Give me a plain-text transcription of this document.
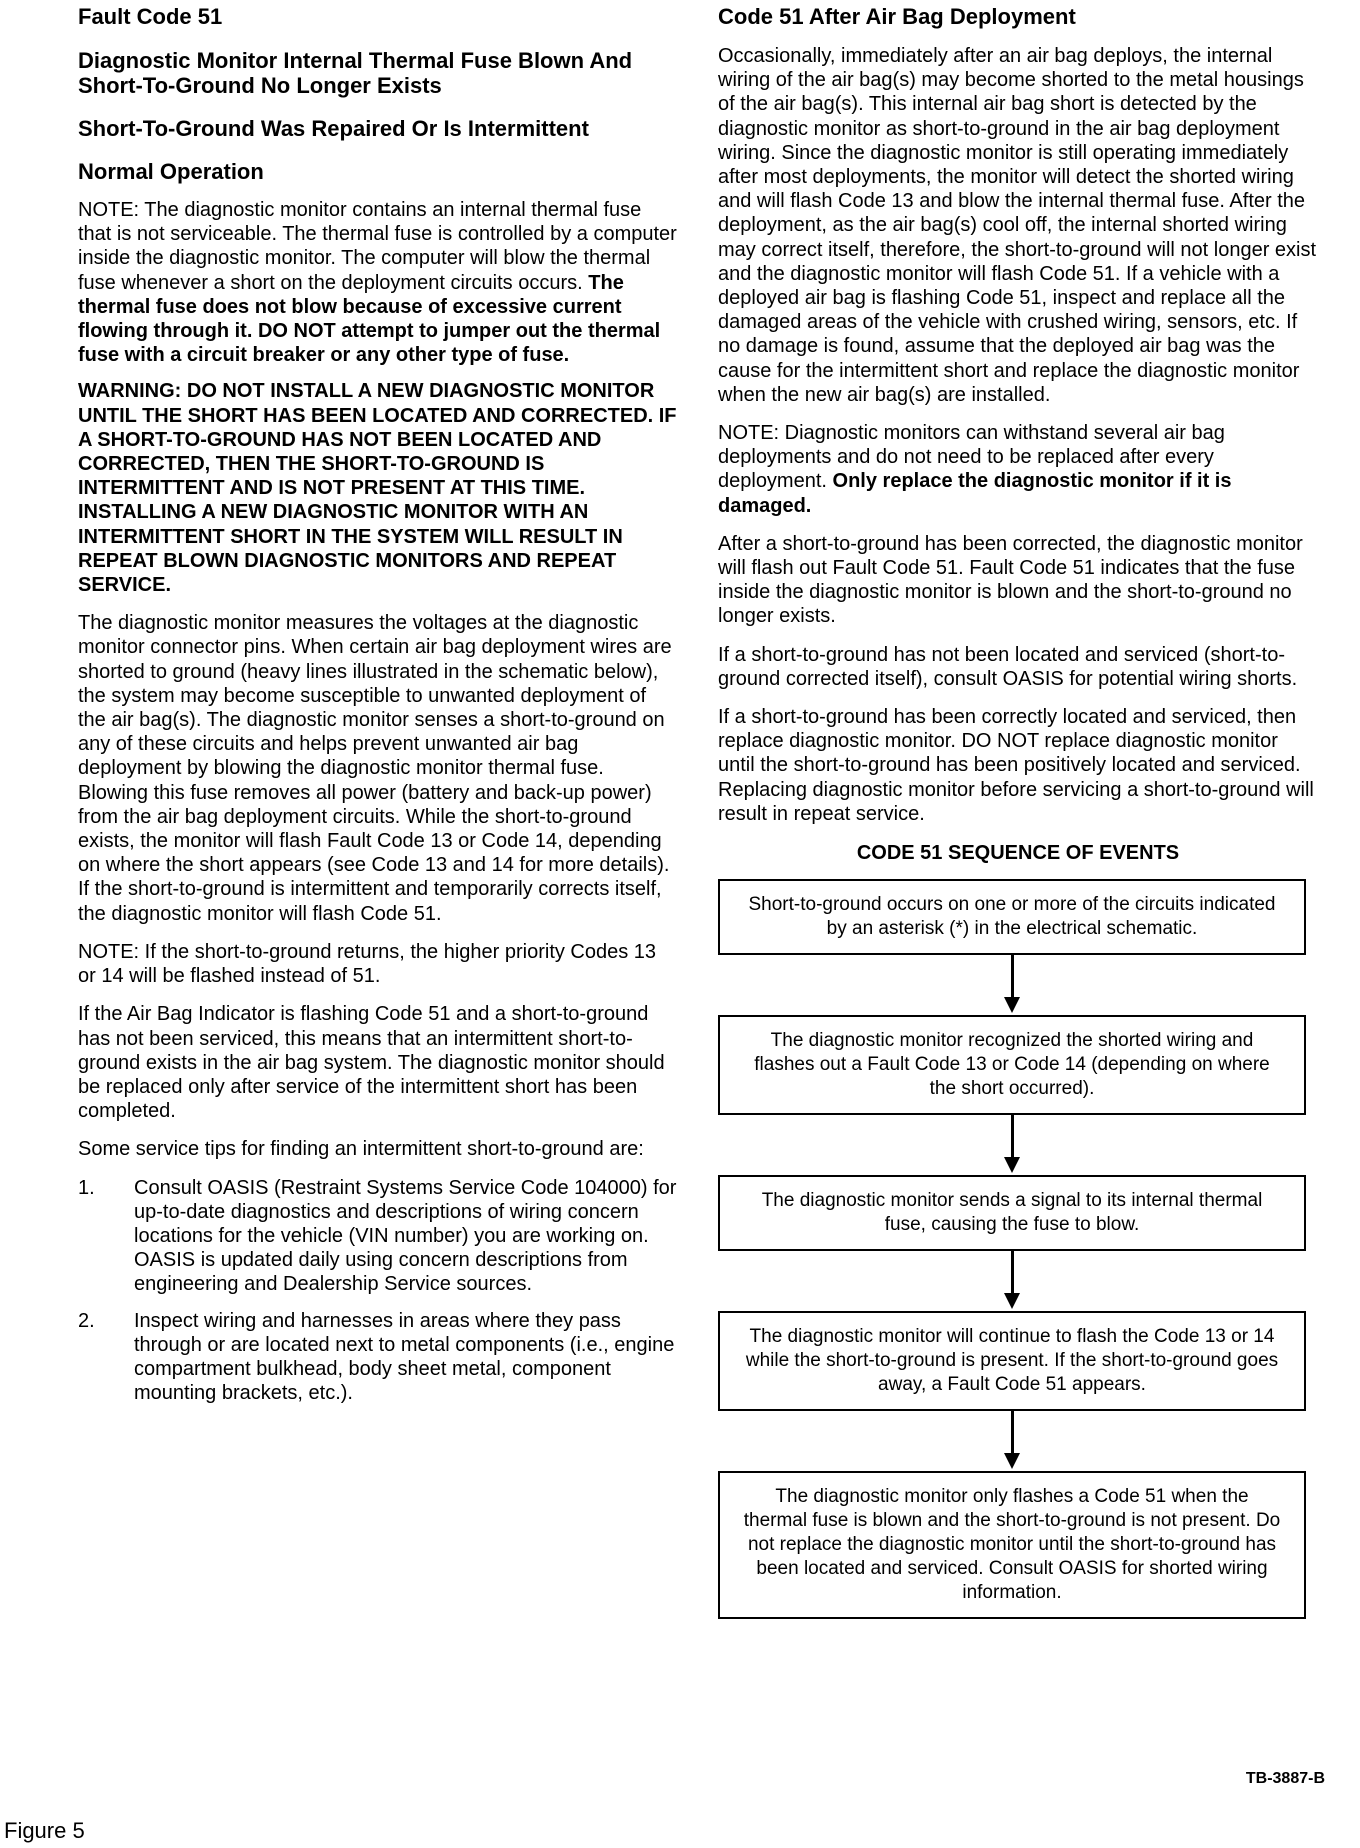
Fault Code 51
Diagnostic Monitor Internal Thermal Fuse Blown And Short-To-Ground No Longer Exists
Short-To-Ground Was Repaired Or Is Intermittent
Normal Operation

NOTE: The diagnostic monitor contains an internal thermal fuse that is not serviceable. The thermal fuse is controlled by a computer inside the diagnostic monitor. The computer will blow the thermal fuse whenever a short on the deployment circuits occurs. The thermal fuse does not blow because of excessive current flowing through it. DO NOT attempt to jumper out the thermal fuse with a circuit breaker or any other type of fuse.

WARNING: DO NOT INSTALL A NEW DIAGNOSTIC MONITOR UNTIL THE SHORT HAS BEEN LOCATED AND CORRECTED. IF A SHORT-TO-GROUND HAS NOT BEEN LOCATED AND CORRECTED, THEN THE SHORT-TO-GROUND IS INTERMITTENT AND IS NOT PRESENT AT THIS TIME. INSTALLING A NEW DIAGNOSTIC MONITOR WITH AN INTERMITTENT SHORT IN THE SYSTEM WILL RESULT IN REPEAT BLOWN DIAGNOSTIC MONITORS AND REPEAT SERVICE.

The diagnostic monitor measures the voltages at the diagnostic monitor connector pins. When certain air bag deployment wires are shorted to ground (heavy lines illustrated in the schematic below), the system may become susceptible to unwanted deployment of the air bag(s). The diagnostic monitor senses a short-to-ground on any of these circuits and helps prevent unwanted air bag deployment by blowing the diagnostic monitor thermal fuse. Blowing this fuse removes all power (battery and back-up power) from the air bag deployment circuits. While the short-to-ground exists, the monitor will flash Fault Code 13 or Code 14, depending on where the short appears (see Code 13 and 14 for more details). If the short-to-ground is intermittent and temporarily corrects itself, the diagnostic monitor will flash Code 51.

NOTE: If the short-to-ground returns, the higher priority Codes 13 or 14 will be flashed instead of 51.

If the Air Bag Indicator is flashing Code 51 and a short-to-ground has not been serviced, this means that an intermittent short-to-ground exists in the air bag system. The diagnostic monitor should be replaced only after service of the intermittent short has been completed.

Some service tips for finding an intermittent short-to-ground are:

1.	Consult OASIS (Restraint Systems Service Code 104000) for up-to-date diagnostics and descriptions of wiring concern locations for the vehicle (VIN number) you are working on. OASIS is updated daily using concern descriptions from engineering and Dealership Service sources.
2.	Inspect wiring and harnesses in areas where they pass through or are located next to metal components (i.e., engine compartment bulkhead, body sheet metal, component mounting brackets, etc.).
Code 51 After Air Bag Deployment

Occasionally, immediately after an air bag deploys, the internal wiring of the air bag(s) may become shorted to the metal housings of the air bag(s). This internal air bag short is detected by the diagnostic monitor as short-to-ground in the air bag deployment wiring. Since the diagnostic monitor is still operating immediately after most deployments, the monitor will detect the shorted wiring and will flash Code 13 and blow the internal thermal fuse. After the deployment, as the air bag(s) cool off, the internal shorted wiring may correct itself, therefore, the short-to-ground will not longer exist and the diagnostic monitor will flash Code 51. If a vehicle with a deployed air bag is flashing Code 51, inspect and replace all the damaged areas of the vehicle with crushed wiring, sensors, etc. If no damage is found, assume that the deployed air bag was the cause for the intermittent short and replace the diagnostic monitor when the new air bag(s) are installed.

NOTE: Diagnostic monitors can withstand several air bag deployments and do not need to be replaced after every deployment. Only replace the diagnostic monitor if it is damaged.

After a short-to-ground has been corrected, the diagnostic monitor will flash out Fault Code 51. Fault Code 51 indicates that the fuse inside the diagnostic monitor is blown and the short-to-ground no longer exists.

If a short-to-ground has not been located and serviced (short-to-ground corrected itself), consult OASIS for potential wiring shorts.

If a short-to-ground has been correctly located and serviced, then replace diagnostic monitor. DO NOT replace diagnostic monitor until the short-to-ground has been positively located and serviced. Replacing diagnostic monitor before servicing a short-to-ground will result in repeat service.

CODE 51 SEQUENCE OF EVENTS
Short-to-ground occurs on one or more of the circuits indicated by an asterisk (*) in the electrical schematic.
The diagnostic monitor recognized the shorted wiring and flashes out a Fault Code 13 or Code 14 (depending on where the short occurred).
The diagnostic monitor sends a signal to its internal thermal fuse, causing the fuse to blow.
The diagnostic monitor will continue to flash the Code 13 or 14 while the short-to-ground is present. If the short-to-ground goes away, a Fault Code 51 appears.
The diagnostic monitor only flashes a Code 51 when the thermal fuse is blown and the short-to-ground is not present. Do not replace the diagnostic monitor until the short-to-ground has been located and serviced. Consult OASIS for shorted wiring information.
TB-3887-B
Figure 5
